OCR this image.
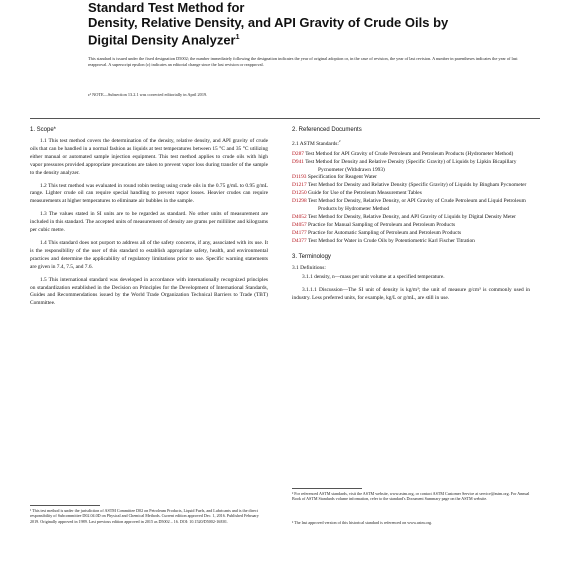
Standard Test Method for
Density, Relative Density, and API Gravity of Crude Oils by
Digital Density Analyzer$^1$
This standard is issued under the fixed designation D5002; the number immediately following the designation indicates the year of original adoption or, in the case of revision, the year of last revision. A number in parentheses indicates the year of last reapproval. A superscript epsilon (ε) indicates an editorial change since the last revision or reapproval.
ε¹ NOTE—Subsection 13.2.1 was corrected editorially in April 2019.
1. Scope*

1.1 This test method covers the determination of the density, relative density, and API gravity of crude oils that can be handled in a normal fashion as liquids at test temperatures between 15 °C and 35 °C utilizing either manual or automated sample injection equipment. This test method applies to crude oils with high vapor pressures provided appropriate precautions are taken to prevent vapor loss during transfer of the sample to the density analyzer.

1.2 This test method was evaluated in round robin testing using crude oils in the 0.75 g/mL to 0.95 g/mL range. Lighter crude oil can require special handling to prevent vapor losses. Heavier crudes can require measurements at higher temperatures to eliminate air bubbles in the sample.

1.3 The values stated in SI units are to be regarded as standard. No other units of measurement are included in this standard. The accepted units of measurement of density are grams per milliliter and kilograms per cubic metre.

1.4 This standard does not purport to address all of the safety concerns, if any, associated with its use. It is the responsibility of the user of this standard to establish appropriate safety, health, and environmental practices and determine the applicability of regulatory limitations prior to use. Specific warning statements are given in 7.4, 7.5, and 7.6.

1.5 This international standard was developed in accordance with internationally recognized principles on standardization established in the Decision on Principles for the Development of International Standards, Guides and Recommendations issued by the World Trade Organization Technical Barriers to Trade (TBT) Committee.

2. Referenced Documents

2.1 ASTM Standards:$^2$

D287 Test Method for API Gravity of Crude Petroleum and Petroleum Products (Hydrometer Method)

D941 Test Method for Density and Relative Density (Specific Gravity) of Liquids by Lipkin Bicapillary Pycnometer (Withdrawn 1993)

D1193 Specification for Reagent Water

D1217 Test Method for Density and Relative Density (Specific Gravity) of Liquids by Bingham Pycnometer

D1250 Guide for Use of the Petroleum Measurement Tables

D1298 Test Method for Density, Relative Density, or API Gravity of Crude Petroleum and Liquid Petroleum Products by Hydrometer Method

D4052 Test Method for Density, Relative Density, and API Gravity of Liquids by Digital Density Meter

D4057 Practice for Manual Sampling of Petroleum and Petroleum Products

D4177 Practice for Automatic Sampling of Petroleum and Petroleum Products

D4377 Test Method for Water in Crude Oils by Potentiometric Karl Fischer Titration

3. Terminology

3.1 Definitions:

3.1.1 density, n—mass per unit volume at a specified temperature.

3.1.1.1 Discussion—The SI unit of density is kg/m³; the unit of measure g/cm³ is commonly used in industry. Less preferred units, for example, kg/L or g/mL, are still in use.

¹ This test method is under the jurisdiction of ASTM Committee D02 on Petroleum Products, Liquid Fuels, and Lubricants and is the direct responsibility of Subcommittee D02.04.0D on Physical and Chemical Methods. Current edition approved Dec. 1, 2016. Published February 2019. Originally approved in 1989. Last previous edition approved in 2015 as D5002 – 16. DOI: 10.1520/D5002-16E01.
² For referenced ASTM standards, visit the ASTM website, www.astm.org, or contact ASTM Customer Service at service@astm.org. For Annual Book of ASTM Standards volume information, refer to the standard's Document Summary page on the ASTM website.
³ The last approved version of this historical standard is referenced on www.astm.org.
